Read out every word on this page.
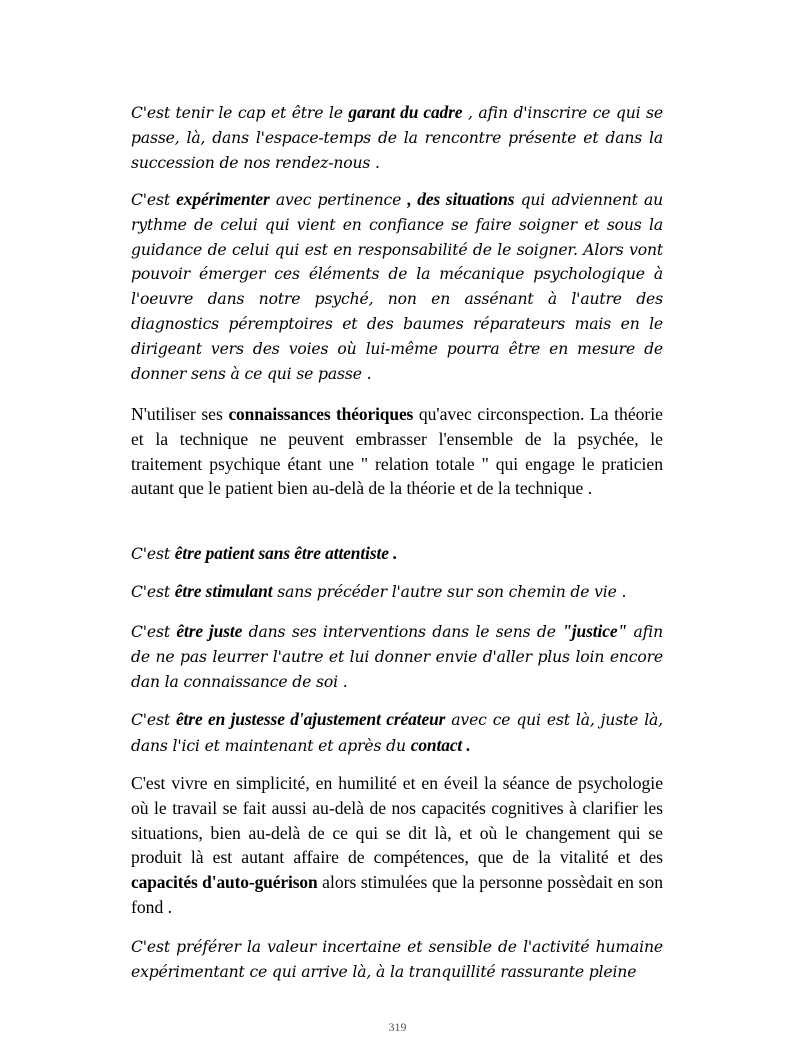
C'est tenir le cap et être le garant du cadre , afin d'inscrire ce qui se passe, là, dans l'espace-temps de la rencontre présente et dans la succession de nos rendez-nous .

C'est expérimenter avec pertinence , des situations qui adviennent au rythme de celui qui vient en confiance se faire soigner et sous la guidance de celui qui est en responsabilité de le soigner. Alors vont pouvoir émerger ces éléments de la mécanique psychologique à l'oeuvre dans notre psyché, non en assénant à l'autre des diagnostics péremptoires et des baumes réparateurs mais en le dirigeant vers des voies où lui-même pourra être en mesure de donner sens à ce qui se passe .

N'utiliser ses connaissances théoriques qu'avec circonspection. La théorie et la technique ne peuvent embrasser l'ensemble de la psychée, le traitement psychique étant une " relation totale " qui engage le praticien autant que le patient bien au-delà de la théorie et de la technique .

C'est être patient sans être attentiste .

C'est être stimulant sans précéder l'autre sur son chemin de vie .

C'est être juste dans ses interventions dans le sens de "justice" afin de ne pas leurrer l'autre et lui donner envie d'aller plus loin encore dan la connaissance de soi .

C'est être en justesse d'ajustement créateur avec ce qui est là, juste là, dans l'ici et maintenant et après du contact .

C'est vivre en simplicité, en humilité et en éveil la séance de psychologie où le travail se fait aussi au-delà de nos capacités cognitives à clarifier les situations, bien au-delà de ce qui se dit là, et où le changement qui se produit là est autant affaire de compétences, que de la vitalité et des capacités d'auto-guérison alors stimulées que la personne possèdait en son fond .

C'est préférer la valeur incertaine et sensible de l'activité humaine expérimentant ce qui arrive là, à la tranquillité rassurante pleine

319
